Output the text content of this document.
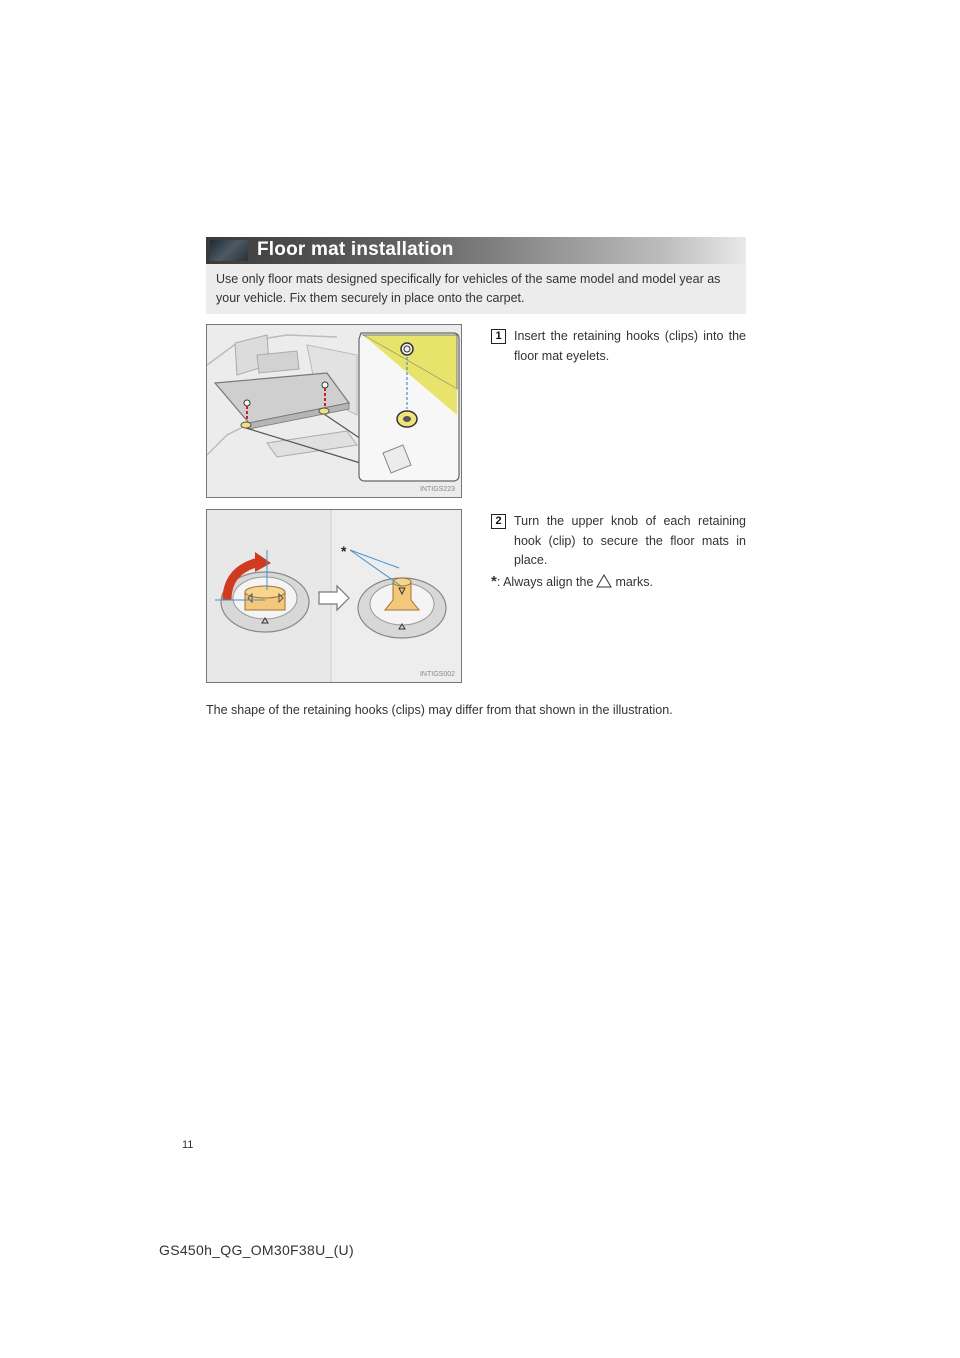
Floor mat installation
Use only floor mats designed specifically for vehicles of the same model and model year as your vehicle. Fix them securely in place onto the carpet.
INTIGS223
1 Insert the retaining hooks (clips) into the floor mat eyelets.
*
INTIGS002
2 Turn the upper knob of each retaining hook (clip) to secure the floor mats in place.
*: Always align the marks.
The shape of the retaining hooks (clips) may differ from that shown in the illustration.
11
GS450h_QG_OM30F38U_(U)
